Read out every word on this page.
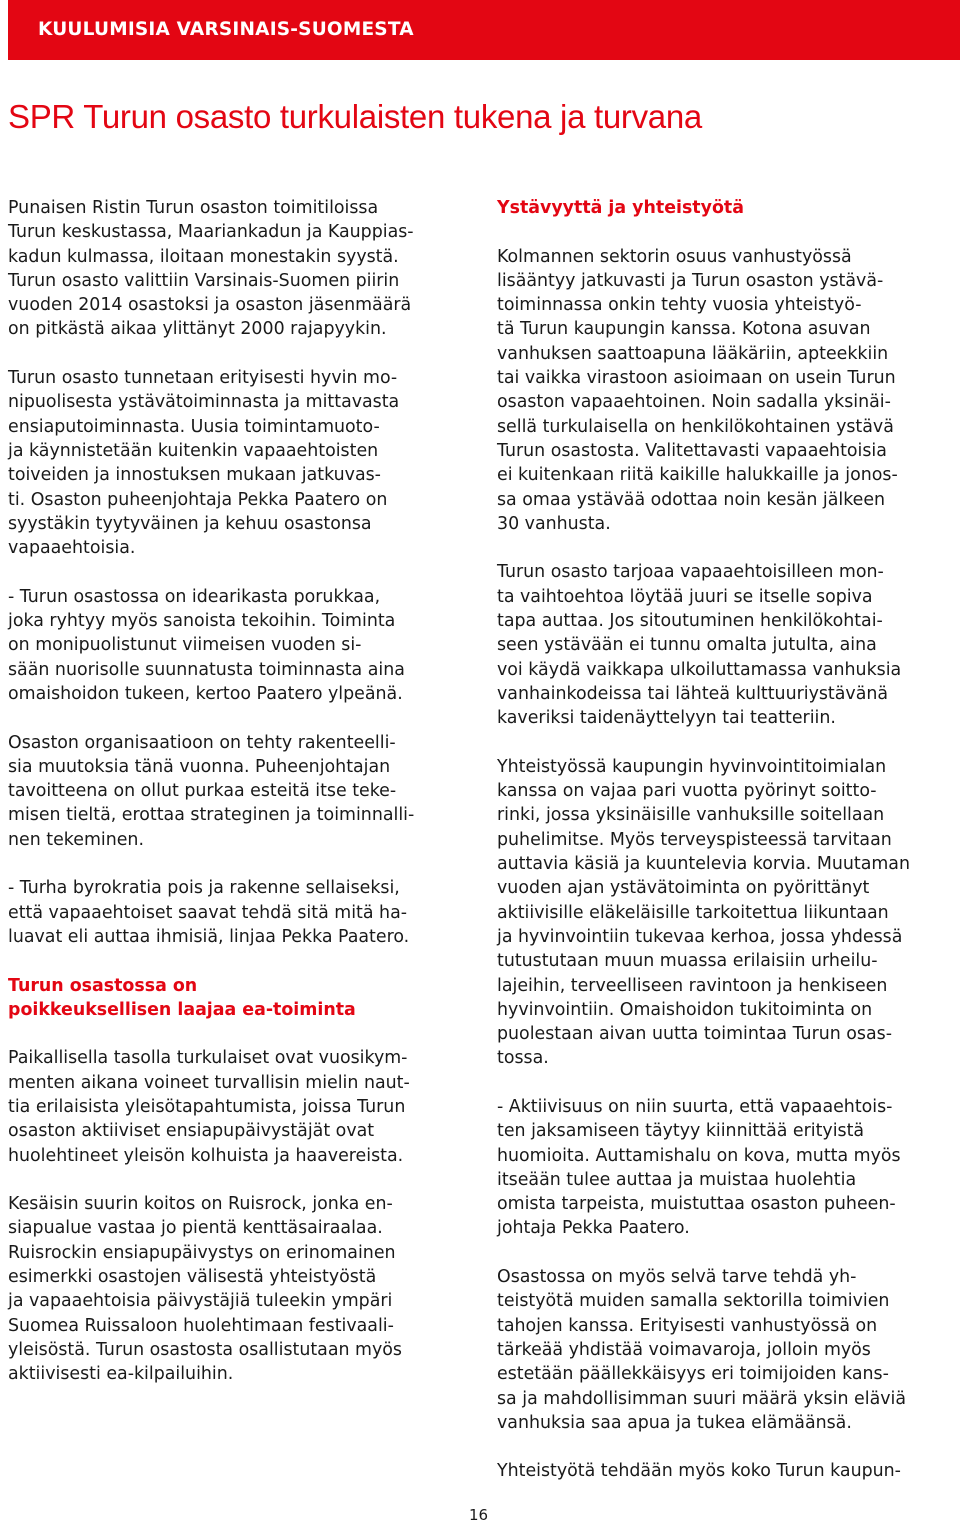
KUULUMISIA VARSINAIS-SUOMESTA
SPR Turun osasto turkulaisten tukena ja turvana

Punaisen Ristin Turun osaston toimitiloissa
Turun keskustassa, Maariankadun ja Kauppias-
kadun kulmassa, iloitaan monestakin syystä.
Turun osasto valittiin Varsinais-Suomen piirin
vuoden 2014 osastoksi ja osaston jäsenmäärä
on pitkästä aikaa ylittänyt 2000 rajapyykin.

Turun osasto tunnetaan erityisesti hyvin mo-
nipuolisesta ystävätoiminnasta ja mittavasta
ensiaputoiminnasta. Uusia toimintamuoto-
ja käynnistetään kuitenkin vapaaehtoisten
toiveiden ja innostuksen mukaan jatkuvas-
ti. Osaston puheenjohtaja Pekka Paatero on
syystäkin tyytyväinen ja kehuu osastonsa
vapaaehtoisia.

- Turun osastossa on idearikasta porukkaa,
joka ryhtyy myös sanoista tekoihin. Toiminta
on monipuolistunut viimeisen vuoden si-
sään nuorisolle suunnatusta toiminnasta aina
omaishoidon tukeen, kertoo Paatero ylpeänä.

Osaston organisaatioon on tehty rakenteelli-
sia muutoksia tänä vuonna. Puheenjohtajan
tavoitteena on ollut purkaa esteitä itse teke-
misen tieltä, erottaa strateginen ja toiminnalli-
nen tekeminen.

- Turha byrokratia pois ja rakenne sellaiseksi,
että vapaaehtoiset saavat tehdä sitä mitä ha-
luavat eli auttaa ihmisiä, linjaa Pekka Paatero.

Turun osastossa on
poikkeuksellisen laajaa ea-toiminta

Paikallisella tasolla turkulaiset ovat vuosikym-
menten aikana voineet turvallisin mielin naut-
tia erilaisista yleisötapahtumista, joissa Turun
osaston aktiiviset ensiapupäivystäjät ovat
huolehtineet yleisön kolhuista ja haavereista.

Kesäisin suurin koitos on Ruisrock, jonka en-
siapualue vastaa jo pientä kenttäsairaalaa.
Ruisrockin ensiapupäivystys on erinomainen
esimerkki osastojen välisestä yhteistyöstä
ja vapaaehtoisia päivystäjiä tuleekin ympäri
Suomea Ruissaloon huolehtimaan festivaali-
yleisöstä. Turun osastosta osallistutaan myös
aktiivisesti ea-kilpailuihin.

Ystävyyttä ja yhteistyötä

Kolmannen sektorin osuus vanhustyössä
lisääntyy jatkuvasti ja Turun osaston ystävä-
toiminnassa onkin tehty vuosia yhteistyö-
tä Turun kaupungin kanssa. Kotona asuvan
vanhuksen saattoapuna lääkäriin, apteekkiin
tai vaikka virastoon asioimaan on usein Turun
osaston vapaaehtoinen. Noin sadalla yksinäi-
sellä turkulaisella on henkilökohtainen ystävä
Turun osastosta. Valitettavasti vapaaehtoisia
ei kuitenkaan riitä kaikille halukkaille ja jonos-
sa omaa ystävää odottaa noin kesän jälkeen
30 vanhusta.

Turun osasto tarjoaa vapaaehtoisilleen mon-
ta vaihtoehtoa löytää juuri se itselle sopiva
tapa auttaa. Jos sitoutuminen henkilökohtai-
seen ystävään ei tunnu omalta jutulta, aina
voi käydä vaikkapa ulkoiluttamassa vanhuksia
vanhainkodeissa tai lähteä kulttuuriystävänä
kaveriksi taidenäyttelyyn tai teatteriin.

Yhteistyössä kaupungin hyvinvointitoimialan
kanssa on vajaa pari vuotta pyörinyt soitto-
rinki, jossa yksinäisille vanhuksille soitellaan
puhelimitse. Myös terveyspisteessä tarvitaan
auttavia käsiä ja kuuntelevia korvia. Muutaman
vuoden ajan ystävätoiminta on pyörittänyt
aktiivisille eläkeläisille tarkoitettua liikuntaan
ja hyvinvointiin tukevaa kerhoa, jossa yhdessä
tutustutaan muun muassa erilaisiin urheilu-
lajeihin, terveelliseen ravintoon ja henkiseen
hyvinvointiin. Omaishoidon tukitoiminta on
puolestaan aivan uutta toimintaa Turun osas-
tossa.

- Aktiivisuus on niin suurta, että vapaaehtois-
ten jaksamiseen täytyy kiinnittää erityistä
huomioita. Auttamishalu on kova, mutta myös
itseään tulee auttaa ja muistaa huolehtia
omista tarpeista, muistuttaa osaston puheen-
johtaja Pekka Paatero.

Osastossa on myös selvä tarve tehdä yh-
teistyötä muiden samalla sektorilla toimivien
tahojen kanssa. Erityisesti vanhustyössä on
tärkeää yhdistää voimavaroja, jolloin myös
estetään päällekkäisyys eri toimijoiden kans-
sa ja mahdollisimman suuri määrä yksin eläviä
vanhuksia saa apua ja tukea elämäänsä.

Yhteistyötä tehdään myös koko Turun kaupun-

16
